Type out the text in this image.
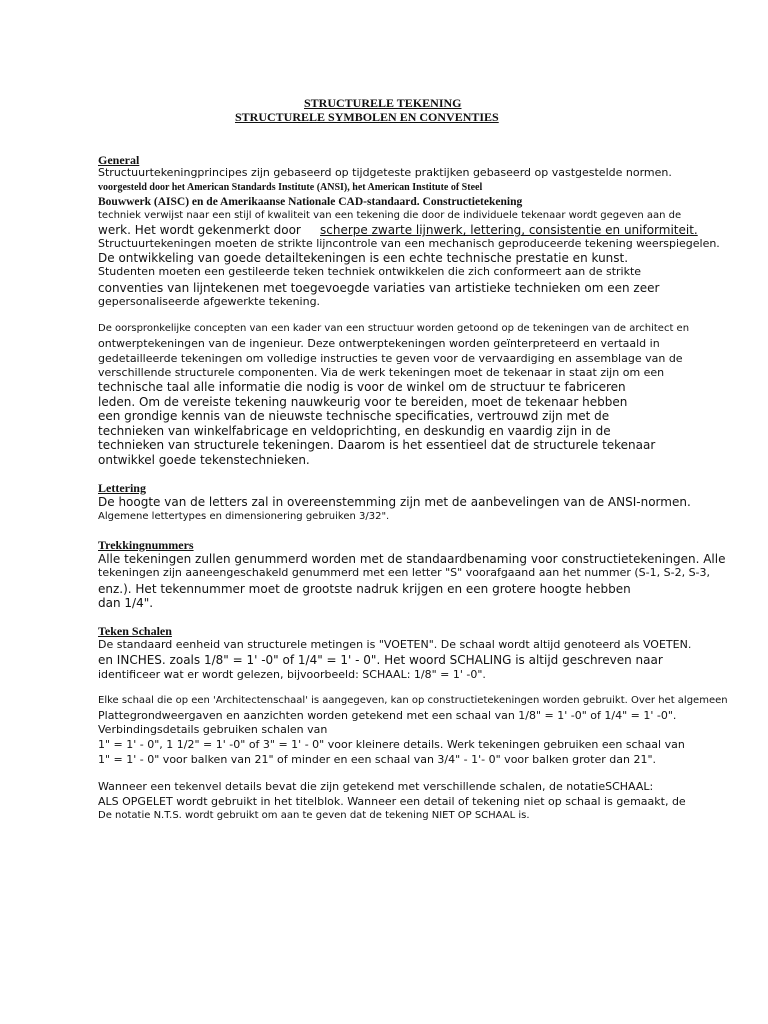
STRUCTURELE TEKENING
STRUCTURELE SYMBOLEN EN CONVENTIES
General
Structuurtekeningprincipes zijn gebaseerd op tijdgeteste praktijken gebaseerd op vastgestelde normen.
voorgesteld door het American Standards Institute (ANSI), het American Institute of Steel
Bouwwerk (AISC) en de Amerikaanse Nationale CAD-standaard. Constructietekening
techniek verwijst naar een stijl of kwaliteit van een tekening die door de individuele tekenaar wordt gegeven aan de
werk. Het wordt gekenmerkt door scherpe zwarte lijnwerk, lettering, consistentie en uniformiteit.
Structuurtekeningen moeten de strikte lijncontrole van een mechanisch geproduceerde tekening weerspiegelen.
De ontwikkeling van goede detailtekeningen is een echte technische prestatie en kunst.
Studenten moeten een gestileerde teken techniek ontwikkelen die zich conformeert aan de strikte
conventies van lijntekenen met toegevoegde variaties van artistieke technieken om een zeer
gepersonaliseerde afgewerkte tekening.
De oorspronkelijke concepten van een kader van een structuur worden getoond op de tekeningen van de architect en
ontwerptekeningen van de ingenieur. Deze ontwerptekeningen worden geïnterpreteerd en vertaald in
gedetailleerde tekeningen om volledige instructies te geven voor de vervaardiging en assemblage van de
verschillende structurele componenten. Via de werk tekeningen moet de tekenaar in staat zijn om een
technische taal alle informatie die nodig is voor de winkel om de structuur te fabriceren
leden. Om de vereiste tekening nauwkeurig voor te bereiden, moet de tekenaar hebben
een grondige kennis van de nieuwste technische specificaties, vertrouwd zijn met de
technieken van winkelfabricage en veldoprichting, en deskundig en vaardig zijn in de
technieken van structurele tekeningen. Daarom is het essentieel dat de structurele tekenaar
ontwikkel goede tekenstechnieken.
Lettering
De hoogte van de letters zal in overeenstemming zijn met de aanbevelingen van de ANSI-normen.
Algemene lettertypes en dimensionering gebruiken 3/32".
Trekkingnummers
Alle tekeningen zullen genummerd worden met de standaardbenaming voor constructietekeningen. Alle
tekeningen zijn aaneengeschakeld genummerd met een letter "S" voorafgaand aan het nummer (S-1, S-2, S-3,
enz.). Het tekennummer moet de grootste nadruk krijgen en een grotere hoogte hebben
dan 1/4".
Teken Schalen
De standaard eenheid van structurele metingen is "VOETEN". De schaal wordt altijd genoteerd als VOETEN.
en INCHES. zoals 1/8" = 1' -0" of 1/4" = 1' - 0". Het woord SCHALING is altijd geschreven naar
identificeer wat er wordt gelezen, bijvoorbeeld: SCHAAL: 1/8" = 1' -0".
Elke schaal die op een 'Architectenschaal' is aangegeven, kan op constructietekeningen worden gebruikt. Over het algemeen
Plattegrondweergaven en aanzichten worden getekend met een schaal van 1/8" = 1' -0" of 1/4" = 1' -0".
Verbindingsdetails gebruiken schalen van
1" = 1' - 0", 1 1/2" = 1' -0" of 3" = 1' - 0" voor kleinere details. Werk tekeningen gebruiken een schaal van
1" = 1' - 0" voor balken van 21" of minder en een schaal van 3/4" - 1'- 0" voor balken groter dan 21".
Wanneer een tekenvel details bevat die zijn getekend met verschillende schalen, de notatieSCHAAL:
ALS OPGELET wordt gebruikt in het titelblok. Wanneer een detail of tekening niet op schaal is gemaakt, de
De notatie N.T.S. wordt gebruikt om aan te geven dat de tekening NIET OP SCHAAL is.
